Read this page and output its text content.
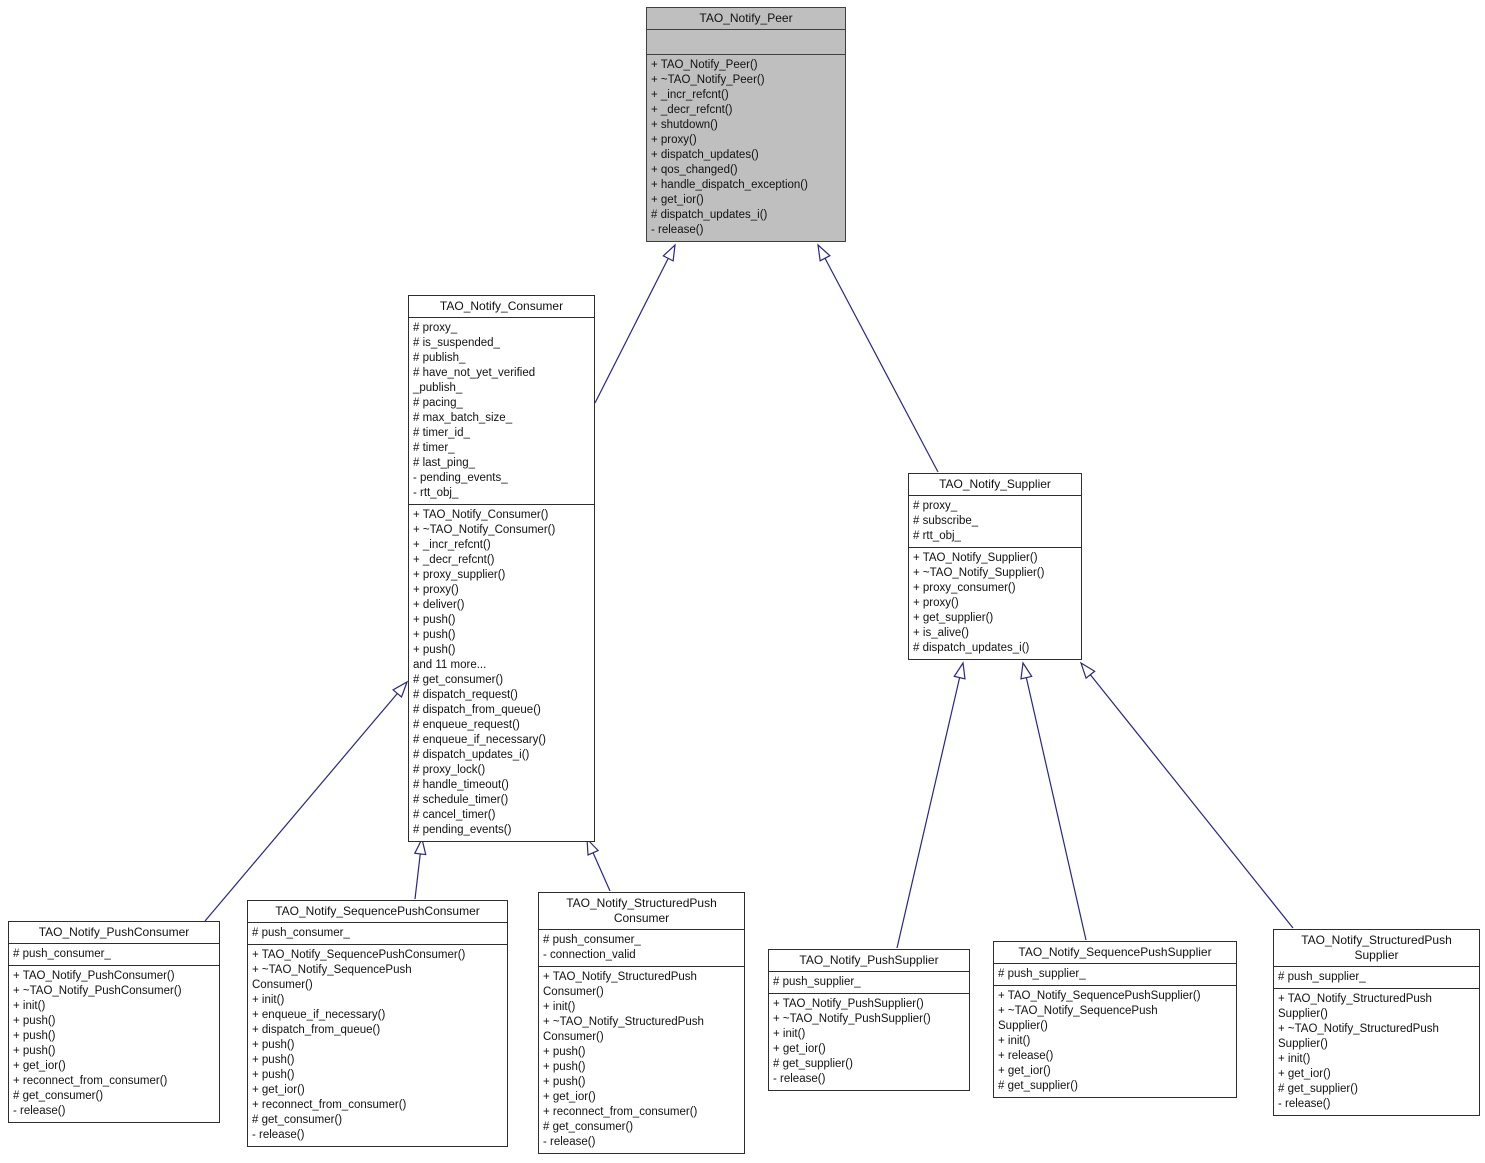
TAO_Notify_Peer
+ TAO_Notify_Peer()
+ ~TAO_Notify_Peer()
+ _incr_refcnt()
+ _decr_refcnt()
+ shutdown()
+ proxy()
+ dispatch_updates()
+ qos_changed()
+ handle_dispatch_exception()
+ get_ior()
# dispatch_updates_i()
- release()
TAO_Notify_Consumer
# proxy_
# is_suspended_
# publish_
# have_not_yet_verified
_publish_
# pacing_
# max_batch_size_
# timer_id_
# timer_
# last_ping_
- pending_events_
- rtt_obj_
+ TAO_Notify_Consumer()
+ ~TAO_Notify_Consumer()
+ _incr_refcnt()
+ _decr_refcnt()
+ proxy_supplier()
+ proxy()
+ deliver()
+ push()
+ push()
+ push()
and 11 more...
# get_consumer()
# dispatch_request()
# dispatch_from_queue()
# enqueue_request()
# enqueue_if_necessary()
# dispatch_updates_i()
# proxy_lock()
# handle_timeout()
# schedule_timer()
# cancel_timer()
# pending_events()
TAO_Notify_Supplier
# proxy_
# subscribe_
# rtt_obj_
+ TAO_Notify_Supplier()
+ ~TAO_Notify_Supplier()
+ proxy_consumer()
+ proxy()
+ get_supplier()
+ is_alive()
# dispatch_updates_i()
TAO_Notify_PushConsumer
# push_consumer_
+ TAO_Notify_PushConsumer()
+ ~TAO_Notify_PushConsumer()
+ init()
+ push()
+ push()
+ push()
+ get_ior()
+ reconnect_from_consumer()
# get_consumer()
- release()
TAO_Notify_SequencePushConsumer
# push_consumer_
+ TAO_Notify_SequencePushConsumer()
+ ~TAO_Notify_SequencePush
Consumer()
+ init()
+ enqueue_if_necessary()
+ dispatch_from_queue()
+ push()
+ push()
+ push()
+ get_ior()
+ reconnect_from_consumer()
# get_consumer()
- release()
TAO_Notify_StructuredPush
Consumer
# push_consumer_
- connection_valid
+ TAO_Notify_StructuredPush
Consumer()
+ init()
+ ~TAO_Notify_StructuredPush
Consumer()
+ push()
+ push()
+ push()
+ get_ior()
+ reconnect_from_consumer()
# get_consumer()
- release()
TAO_Notify_PushSupplier
# push_supplier_
+ TAO_Notify_PushSupplier()
+ ~TAO_Notify_PushSupplier()
+ init()
+ get_ior()
# get_supplier()
- release()
TAO_Notify_SequencePushSupplier
# push_supplier_
+ TAO_Notify_SequencePushSupplier()
+ ~TAO_Notify_SequencePush
Supplier()
+ init()
+ release()
+ get_ior()
# get_supplier()
TAO_Notify_StructuredPush
Supplier
# push_supplier_
+ TAO_Notify_StructuredPush
Supplier()
+ ~TAO_Notify_StructuredPush
Supplier()
+ init()
+ get_ior()
# get_supplier()
- release()
